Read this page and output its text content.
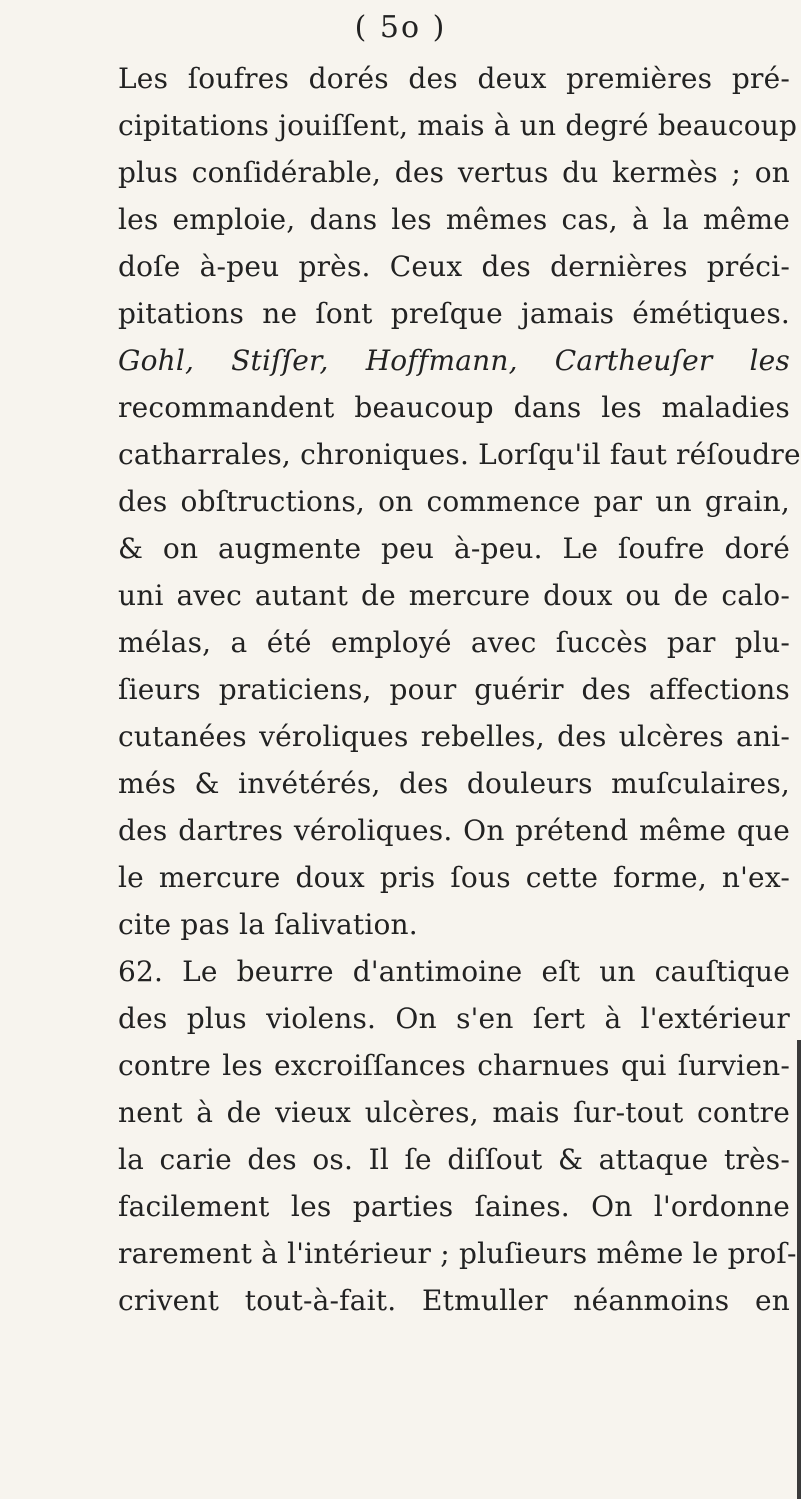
( 5o )
Les ſoufres dorés des deux premières pré-
cipitations jouiſſent, mais à un degré beaucoup
plus conſidérable, des vertus du kermès ; on
les emploie, dans les mêmes cas, à la même
doſe à-peu près. Ceux des dernières préci-
pitations ne ſont preſque jamais émétiques.
Gohl, Stiſſer, Hoffmann, Cartheuſer les
recommandent beaucoup dans les maladies
catharrales, chroniques. Lorſqu'il faut réſoudre
des obſtructions, on commence par un grain,
& on augmente peu à-peu. Le ſoufre doré
uni avec autant de mercure doux ou de calo-
mélas, a été employé avec ſuccès par plu-
ſieurs praticiens, pour guérir des affections
cutanées véroliques rebelles, des ulcères ani-
més & invétérés, des douleurs muſculaires,
des dartres véroliques. On prétend même que
le mercure doux pris ſous cette forme, n'ex-
cite pas la ſalivation.
62. Le beurre d'antimoine eſt un cauſtique
des plus violens. On s'en ſert à l'extérieur
contre les excroiſſances charnues qui ſurvien-
nent à de vieux ulcères, mais ſur-tout contre
la carie des os. Il ſe diſſout & attaque très-
facilement les parties ſaines. On l'ordonne
rarement à l'intérieur ; pluſieurs même le proſ-
crivent tout-à-fait. Etmuller néanmoins en
